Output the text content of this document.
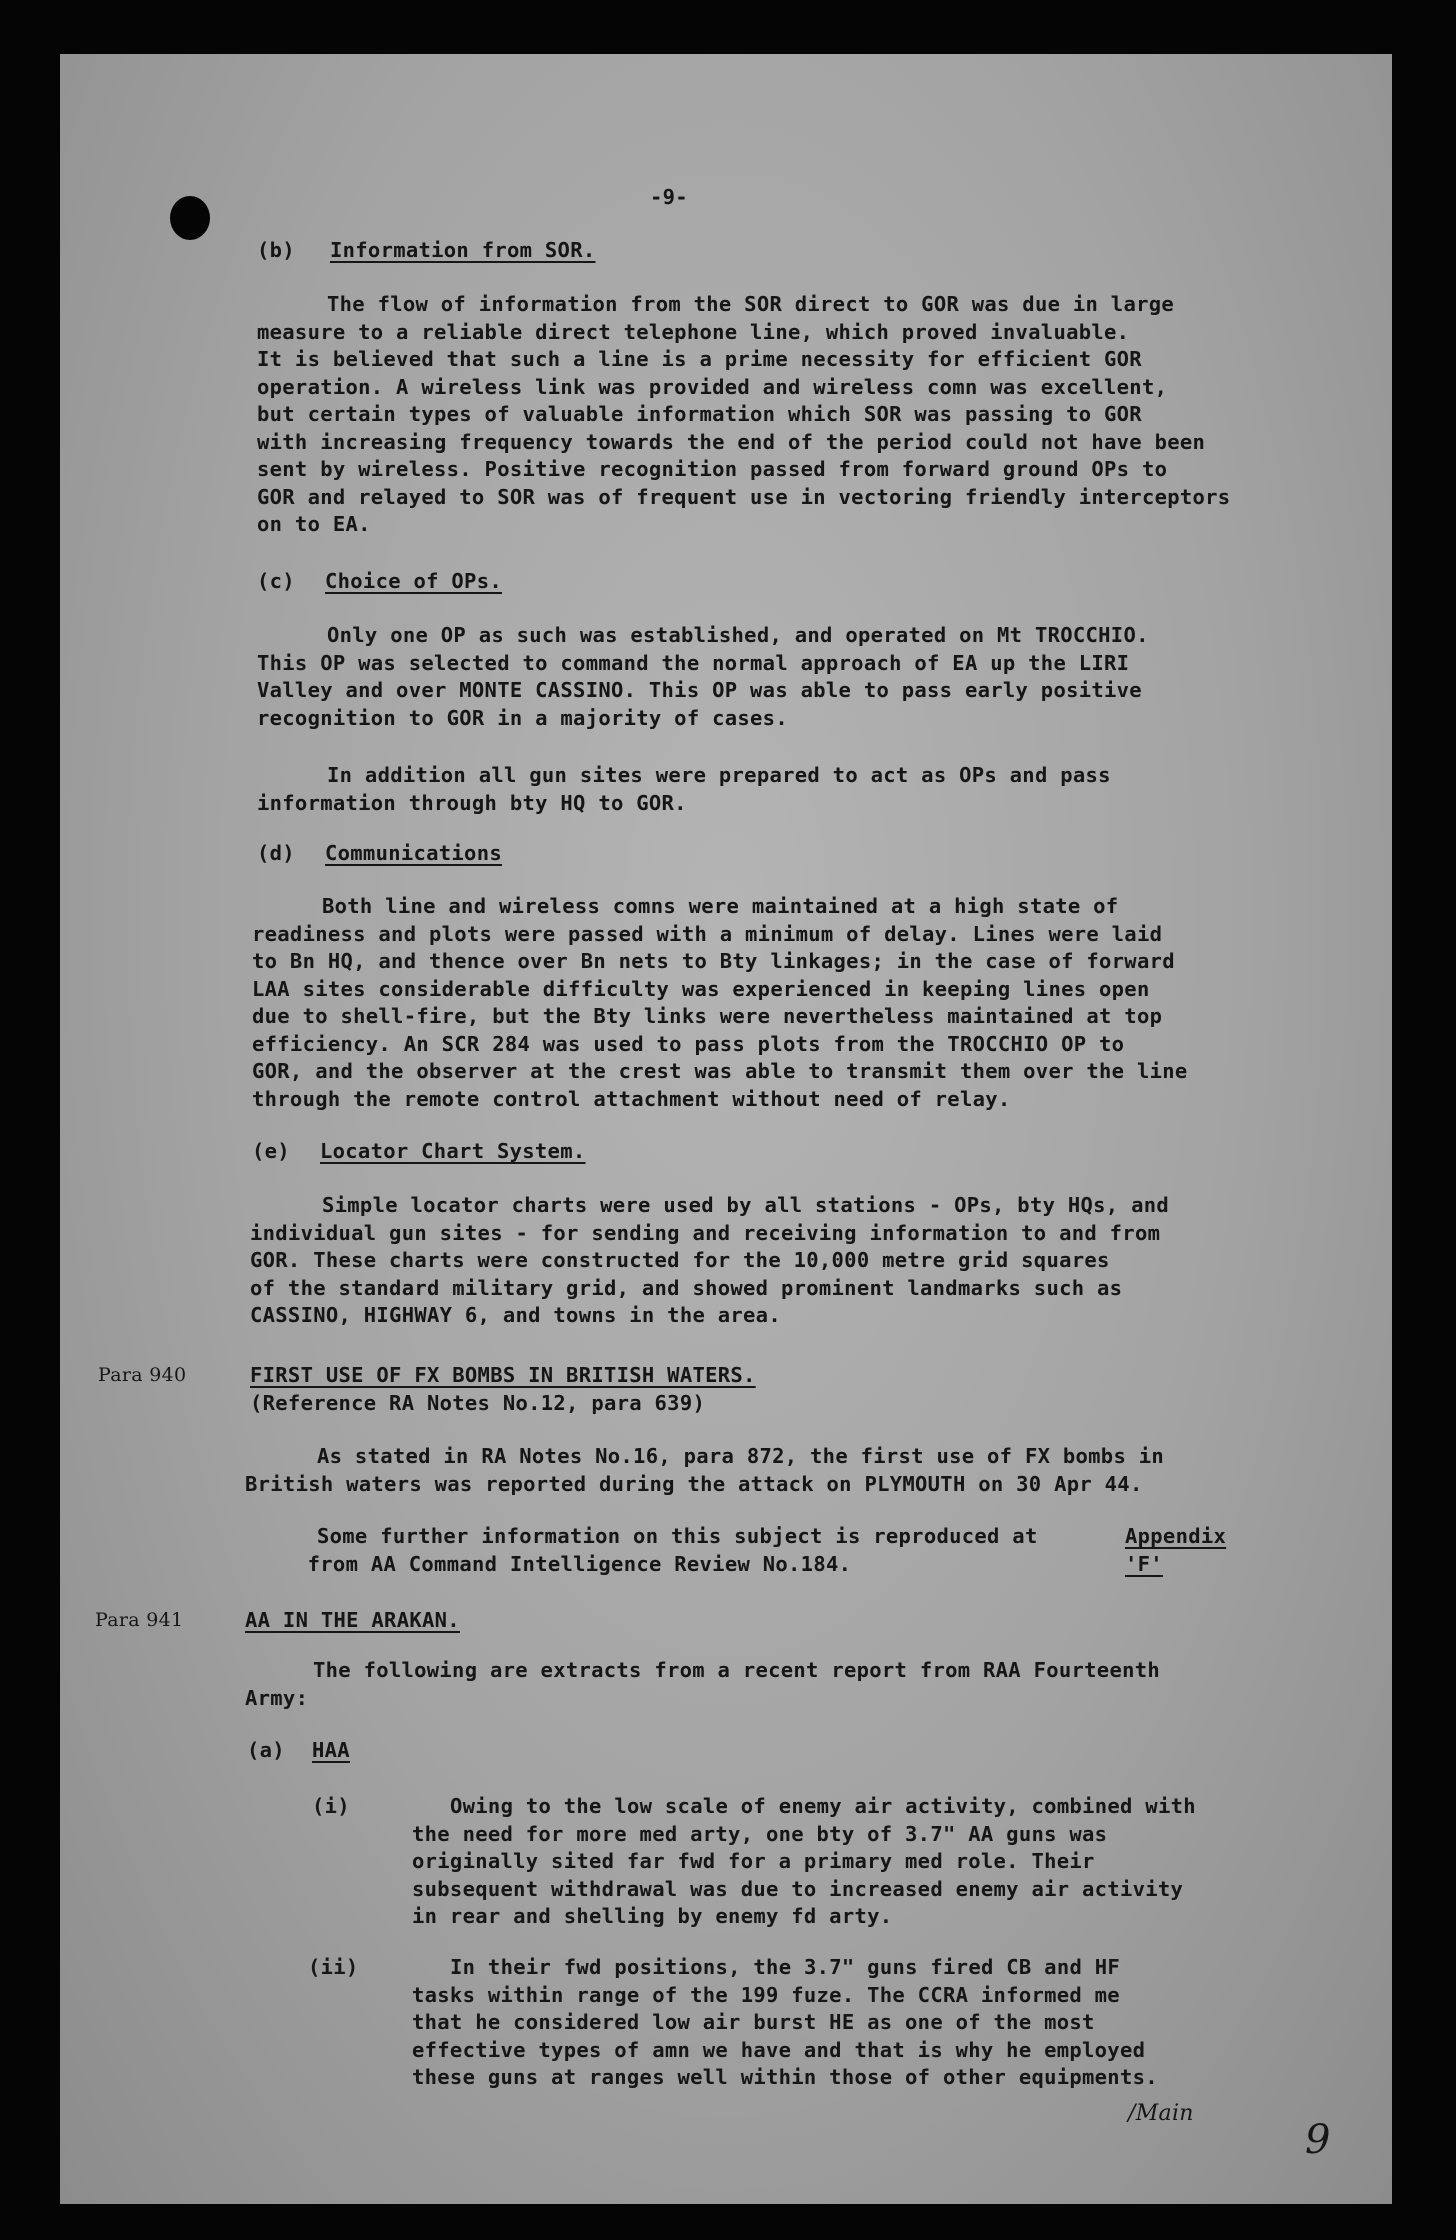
-9-

(b) Information from SOR.

The flow of information from the SOR direct to GOR was due in large
measure to a reliable direct telephone line, which proved invaluable.
It is believed that such a line is a prime necessity for efficient GOR
operation. A wireless link was provided and wireless comn was excellent,
but certain types of valuable information which SOR was passing to GOR
with increasing frequency towards the end of the period could not have been
sent by wireless. Positive recognition passed from forward ground OPs to
GOR and relayed to SOR was of frequent use in vectoring friendly interceptors
on to EA.

(c) Choice of OPs.

Only one OP as such was established, and operated on Mt TROCCHIO.
This OP was selected to command the normal approach of EA up the LIRI
Valley and over MONTE CASSINO. This OP was able to pass early positive
recognition to GOR in a majority of cases.

In addition all gun sites were prepared to act as OPs and pass
information through bty HQ to GOR.

(d) Communications

Both line and wireless comns were maintained at a high state of
readiness and plots were passed with a minimum of delay. Lines were laid
to Bn HQ, and thence over Bn nets to Bty linkages; in the case of forward
LAA sites considerable difficulty was experienced in keeping lines open
due to shell-fire, but the Bty links were nevertheless maintained at top
efficiency. An SCR 284 was used to pass plots from the TROCCHIO OP to
GOR, and the observer at the crest was able to transmit them over the line
through the remote control attachment without need of relay.

(e) Locator Chart System.

Simple locator charts were used by all stations - OPs, bty HQs, and
individual gun sites - for sending and receiving information to and from
GOR. These charts were constructed for the 10,000 metre grid squares
of the standard military grid, and showed prominent landmarks such as
CASSINO, HIGHWAY 6, and towns in the area.

Para 940	FIRST USE OF FX BOMBS IN BRITISH WATERS.

(Reference RA Notes No.12, para 639)

As stated in RA Notes No.16, para 872, the first use of FX bombs in
British waters was reported during the attack on PLYMOUTH on 30 Apr 44.

Some further information on this subject is reproduced at	Appendix
'F'

from AA Command Intelligence Review No.184.

Para 941	AA IN THE ARAKAN.

The following are extracts from a recent report from RAA Fourteenth
Army:

(a) HAA

(i)	Owing to the low scale of enemy air activity, combined with
the need for more med arty, one bty of 3.7" AA guns was
originally sited far fwd for a primary med role. Their
subsequent withdrawal was due to increased enemy air activity
in rear and shelling by enemy fd arty.

(ii)	In their fwd positions, the 3.7" guns fired CB and HF
tasks within range of the 199 fuze. The CCRA informed me
that he considered low air burst HE as one of the most
effective types of amn we have and that is why he employed
these guns at ranges well within those of other equipments.

/Main

9
